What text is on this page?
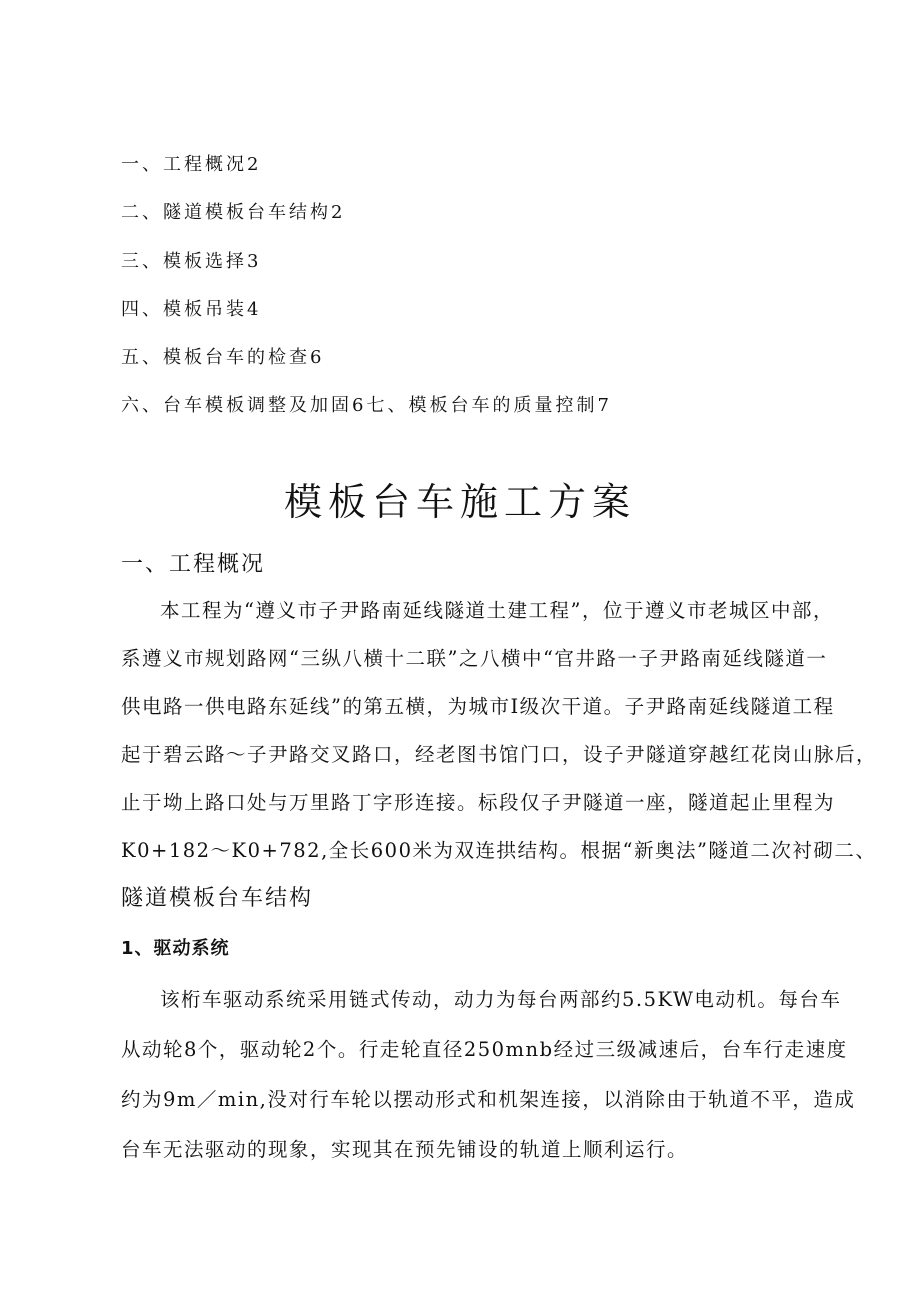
一、工程概况2
二、隧道模板台车结构2
三、模板选择3
四、模板吊装4
五、模板台车的检查6
六、台车模板调整及加固6七、模板台车的质量控制7
模板台车施工方案
一、工程概况
本工程为“遵义市子尹路南延线隧道土建工程”，位于遵义市老城区中部，
系遵义市规划路网“三纵八横十二联”之八横中“官井路一子尹路南延线隧道一
供电路一供电路东延线”的第五横，为城市I级次干道。子尹路南延线隧道工程
起于碧云路～子尹路交叉路口，经老图书馆门口，设子尹隧道穿越红花岗山脉后，
止于坳上路口处与万里路丁字形连接。标段仅子尹隧道一座，隧道起止里程为
K0+182～K0+782,全长600米为双连拱结构。根据“新奥法”隧道二次衬砌二、
隧道模板台车结构
1、驱动系统
该桁车驱动系统采用链式传动，动力为每台两部约5.5KW电动机。每台车
从动轮8个，驱动轮2个。行走轮直径250mnb经过三级减速后，台车行走速度
约为9m／min,没对行车轮以摆动形式和机架连接，以消除由于轨道不平，造成
台车无法驱动的现象，实现其在预先铺设的轨道上顺利运行。
